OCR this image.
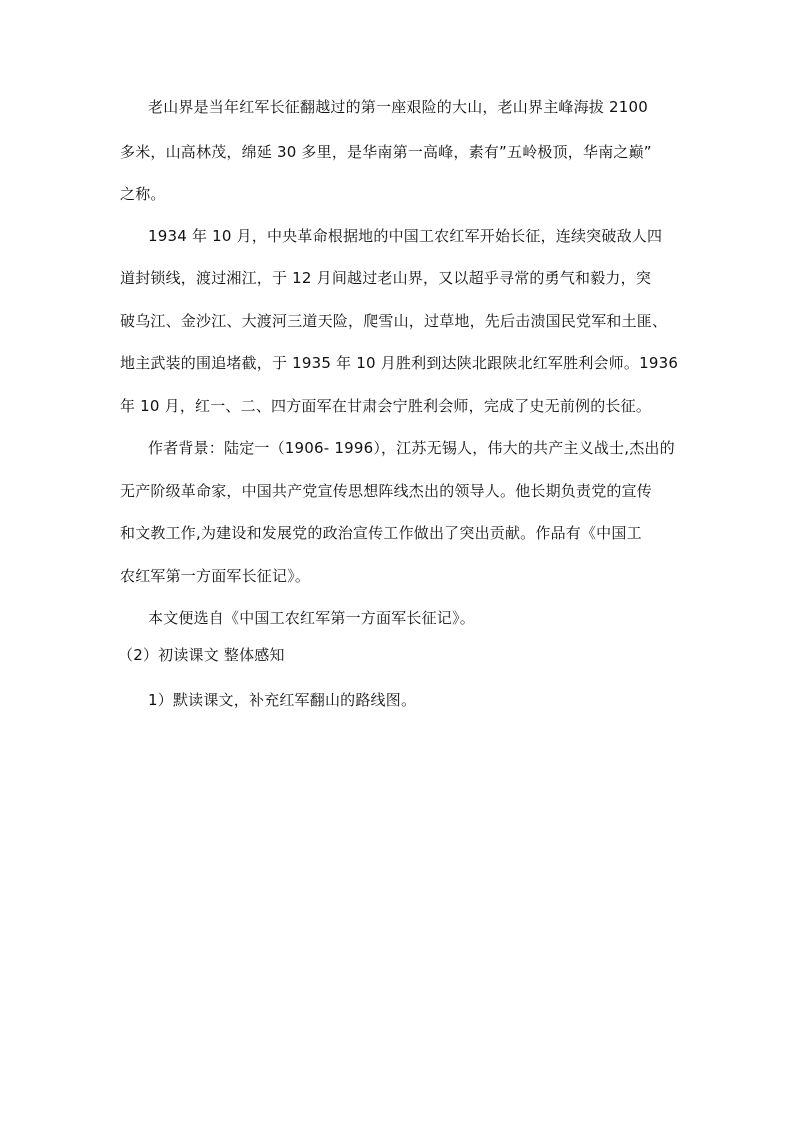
老山界是当年红军长征翻越过的第一座艰险的大山，老山界主峰海拔 2100
多米，山高林茂，绵延 30 多里，是华南第一高峰，素有”五岭极顶，华南之巅”
之称。
1934 年 10 月，中央革命根据地的中国工农红军开始长征，连续突破敌人四
道封锁线，渡过湘江，于 12 月间越过老山界，又以超乎寻常的勇气和毅力，突
破乌江、金沙江、大渡河三道天险，爬雪山，过草地，先后击溃国民党军和土匪、
地主武装的围追堵截，于 1935 年 10 月胜利到达陕北跟陕北红军胜利会师。1936
年 10 月，红一、二、四方面军在甘肃会宁胜利会师，完成了史无前例的长征。
作者背景：陆定一（1906- 1996），江苏无锡人，伟大的共产主义战士,杰出的
无产阶级革命家，中国共产党宣传思想阵线杰出的领导人。他长期负责党的宣传
和文教工作,为建设和发展党的政治宣传工作做出了突出贡献。作品有《中国工
农红军第一方面军长征记》。
本文便选自《中国工农红军第一方面军长征记》。
（2）初读课文 整体感知
1）默读课文，补充红军翻山的路线图。
